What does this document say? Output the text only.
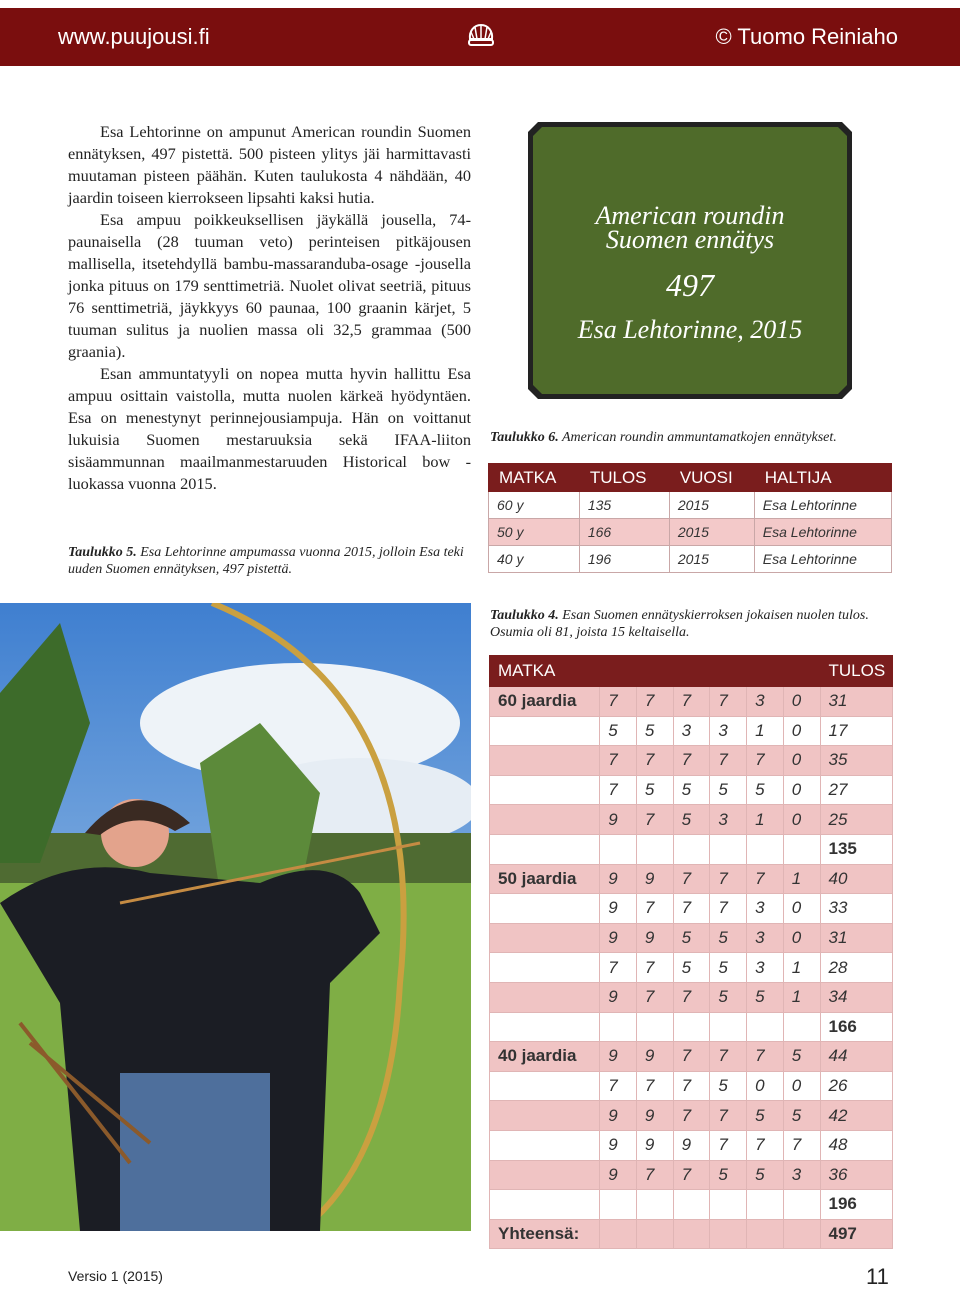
www.puujousi.fi	© Tuomo Reiniaho

Esa Lehtorinne on ampunut American roundin Suomen ennätyksen, 497 pistettä. 500 pisteen ylitys jäi harmittavasti muutaman pisteen päähän. Kuten taulukosta 4 nähdään, 40 jaardin toiseen kierrokseen lipsahti kaksi hutia.

Esa ampuu poikkeuksellisen jäykällä jousella, 74-paunaisella (28 tuuman veto) perinteisen pitkäjousen mallisella, itsetehdyllä bambu-massaranduba-osage -jousella jonka pituus on 179 senttimetriä. Nuolet olivat seetriä, pituus 76 senttimetriä, jäykkyys 60 paunaa, 100 graanin kärjet, 5 tuuman sulitus ja nuolien massa oli 32,5 grammaa (500 graania).

Esan ammuntatyyli on nopea mutta hyvin hallittu Esa ampuu osittain vaistolla, mutta nuolen kärkeä hyödyntäen. Esa on menestynyt perinnejousiampuja. Hän on voittanut lukuisia Suomen mestaruuksia sekä IFAA-liiton sisäammunnan maailmanmestaruuden Historical bow -luokassa vuonna 2015.

Taulukko 5. Esa Lehtorinne ampumassa vuonna 2015, jolloin Esa teki uuden Suomen ennätyksen, 497 pistettä.
American roundin
Suomen ennätys
497
Esa Lehtorinne, 2015
Taulukko 6. American roundin ammuntamatkojen ennätykset.
MATKA	TULOS	VUOSI	HALTIJA
60 y	135	2015	Esa Lehtorinne
50 y	166	2015	Esa Lehtorinne
40 y	196	2015	Esa Lehtorinne
Taulukko 4. Esan Suomen ennätyskierroksen jokaisen nuolen tulos. Osumia oli 81, joista 15 keltaisella.
MATKA							TULOS
60 jaardia	7	7	7	7	3	0	31
	5	5	3	3	1	0	17
	7	7	7	7	7	0	35
	7	5	5	5	5	0	27
	9	7	5	3	1	0	25
							135
50 jaardia	9	9	7	7	7	1	40
	9	7	7	7	3	0	33
	9	9	5	5	3	0	31
	7	7	5	5	3	1	28
	9	7	7	5	5	1	34
							166
40 jaardia	9	9	7	7	7	5	44
	7	7	7	5	0	0	26
	9	9	7	7	5	5	42
	9	9	9	7	7	7	48
	9	7	7	5	5	3	36
							196
Yhteensä:							497
Versio 1 (2015)	11
